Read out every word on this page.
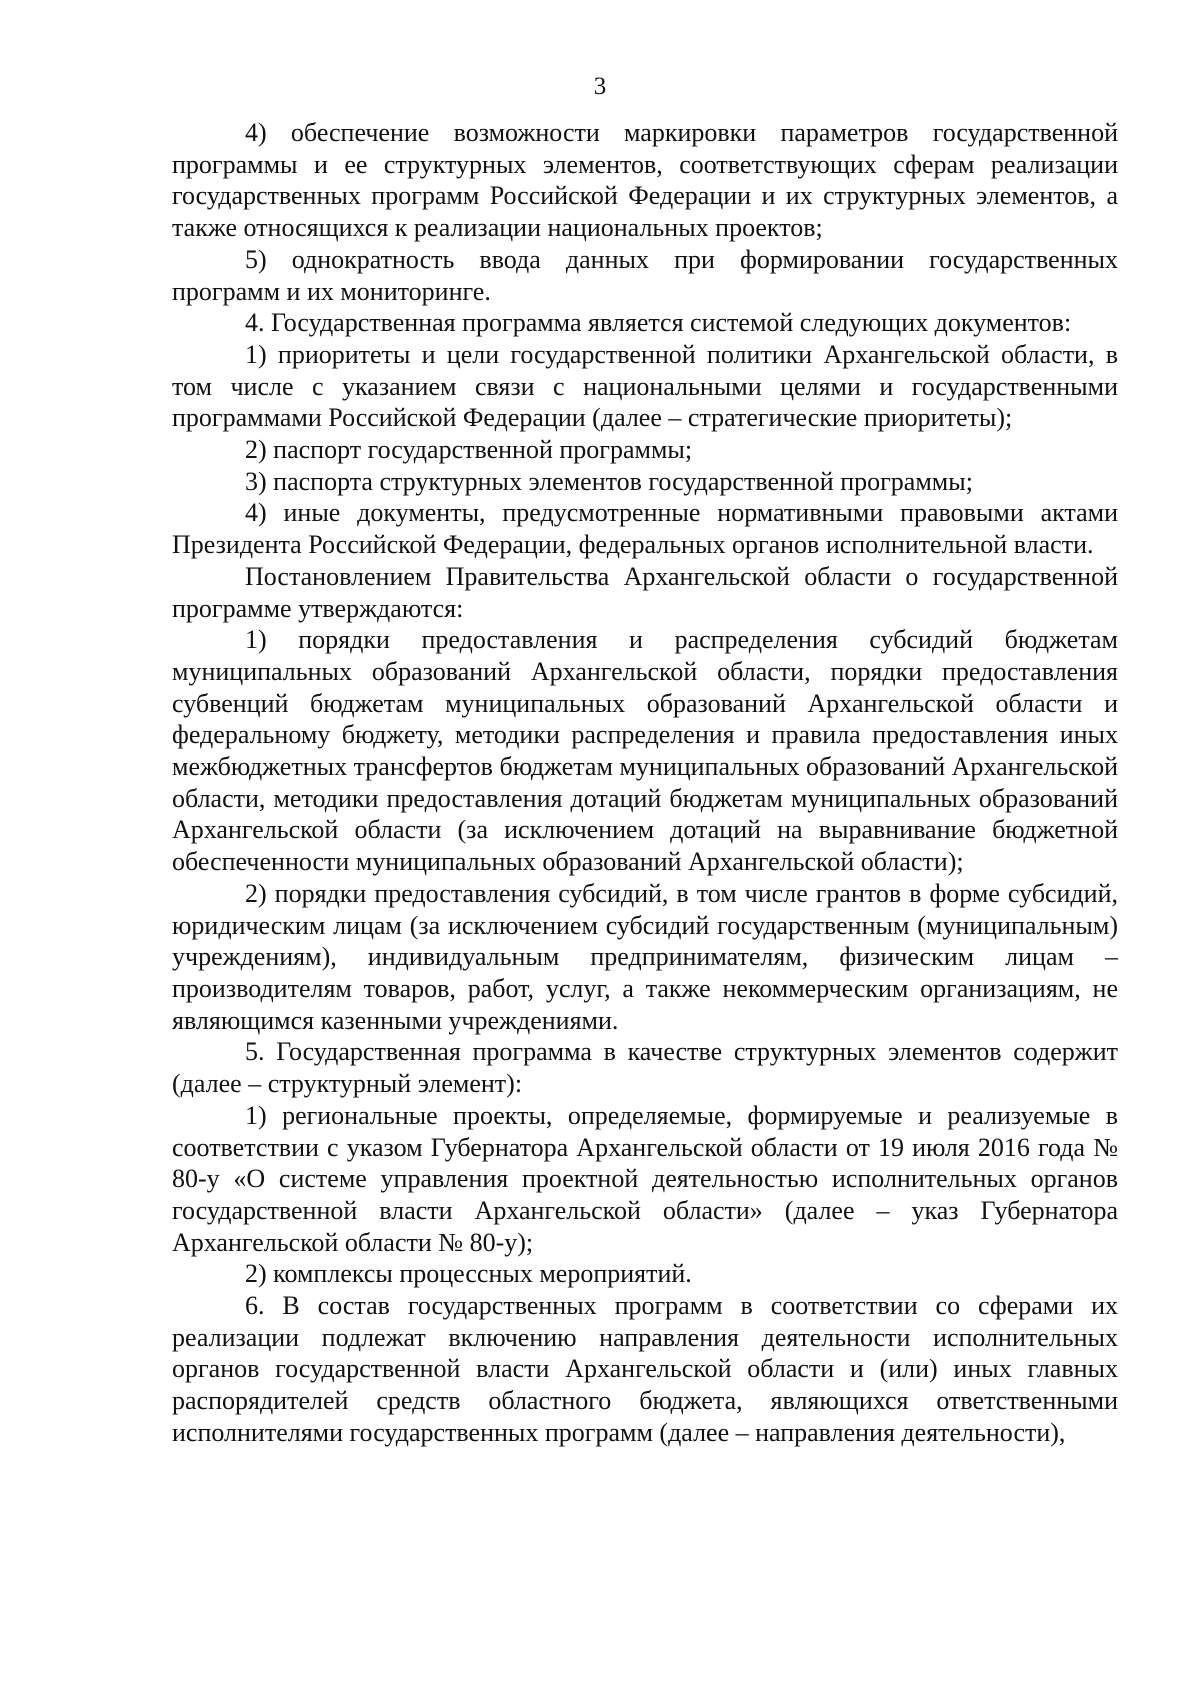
3

4) обеспечение возможности маркировки параметров государственной программы и ее структурных элементов, соответствующих сферам реализации государственных программ Российской Федерации и их структурных элементов, а также относящихся к реализации национальных проектов;

5) однократность ввода данных при формировании государственных программ и их мониторинге.

4. Государственная программа является системой следующих документов:

1) приоритеты и цели государственной политики Архангельской области, в том числе с указанием связи с национальными целями и государственными программами Российской Федерации (далее – стратегические приоритеты);

2) паспорт государственной программы;

3) паспорта структурных элементов государственной программы;

4) иные документы, предусмотренные нормативными правовыми актами Президента Российской Федерации, федеральных органов исполнительной власти.

Постановлением Правительства Архангельской области о государственной программе утверждаются:

1) порядки предоставления и распределения субсидий бюджетам муниципальных образований Архангельской области, порядки предоставления субвенций бюджетам муниципальных образований Архангельской области и федеральному бюджету, методики распределения и правила предоставления иных межбюджетных трансфертов бюджетам муниципальных образований Архангельской области, методики предоставления дотаций бюджетам муниципальных образований Архангельской области (за исключением дотаций на выравнивание бюджетной обеспеченности муниципальных образований Архангельской области);

2) порядки предоставления субсидий, в том числе грантов в форме субсидий, юридическим лицам (за исключением субсидий государственным (муниципальным) учреждениям), индивидуальным предпринимателям, физическим лицам – производителям товаров, работ, услуг, а также некоммерческим организациям, не являющимся казенными учреждениями.

5. Государственная программа в качестве структурных элементов содержит (далее – структурный элемент):

1) региональные проекты, определяемые, формируемые и реализуемые в соответствии с указом Губернатора Архангельской области от 19 июля 2016 года № 80-у «О системе управления проектной деятельностью исполнительных органов государственной власти Архангельской области» (далее – указ Губернатора Архангельской области № 80-у);

2) комплексы процессных мероприятий.

6. В состав государственных программ в соответствии со сферами их реализации подлежат включению направления деятельности исполнительных органов государственной власти Архангельской области и (или) иных главных распорядителей средств областного бюджета, являющихся ответственными исполнителями государственных программ (далее – направления деятельности),
